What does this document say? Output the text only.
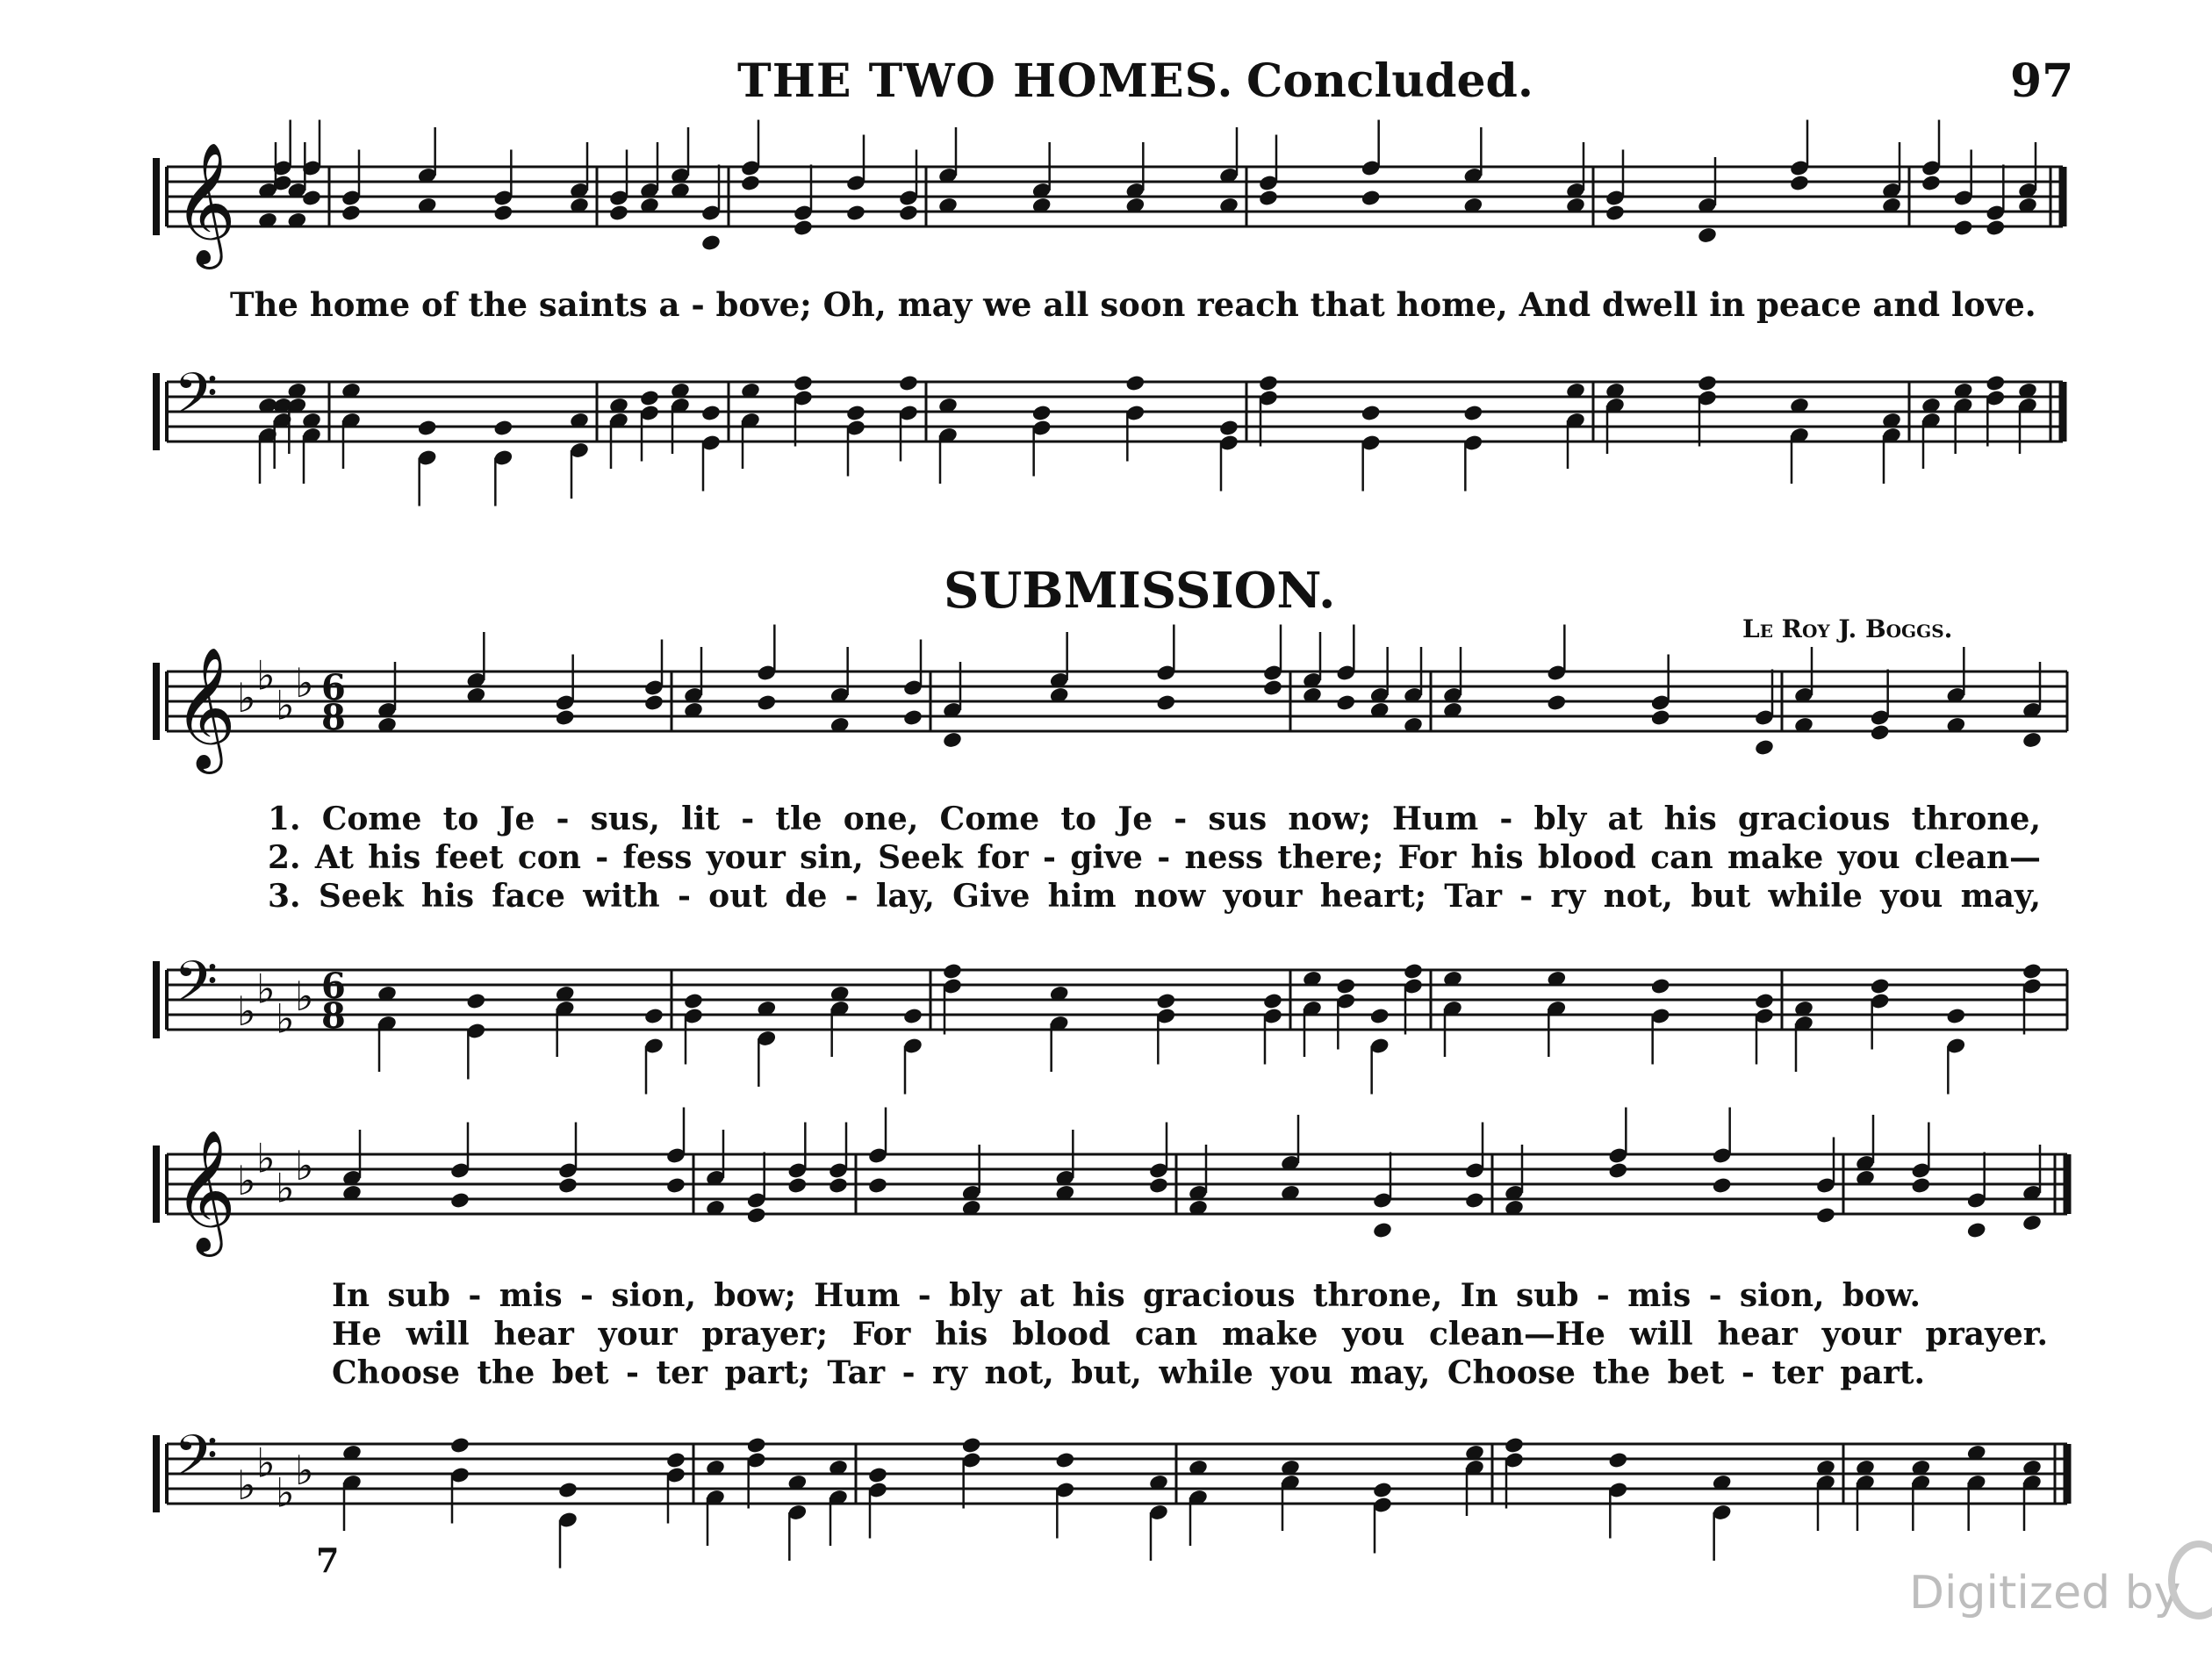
THE TWO HOMES. Concluded.	97
𝄞
The home of the saints a - bove; Oh, may we all soon reach that home, And dwell in peace and love.
𝄢
SUBMISSION.
Le Roy J. Boggs.
𝄞 ♭ ♭
♭ ♭ 6
8
1. Come to Je - sus, lit - tle one, Come to Je - sus now; Hum - bly at his gracious throne,
2. At his feet con - fess your sin, Seek for - give - ness there; For his blood can make you clean—
3. Seek his face with - out de - lay, Give him now your heart; Tar - ry not, but while you may,
𝄢 ♭ ♭
♭ ♭ 6
8
𝄞 ♭ ♭
♭ ♭
In sub - mis - sion, bow; Hum - bly at his gracious throne, In sub - mis - sion, bow.
He will hear your prayer; For his blood can make you clean—He will hear your prayer.
Choose the bet - ter part; Tar - ry not, but, while you may, Choose the bet - ter part.
𝄢 ♭ ♭
♭ ♭
7
Digitized by
